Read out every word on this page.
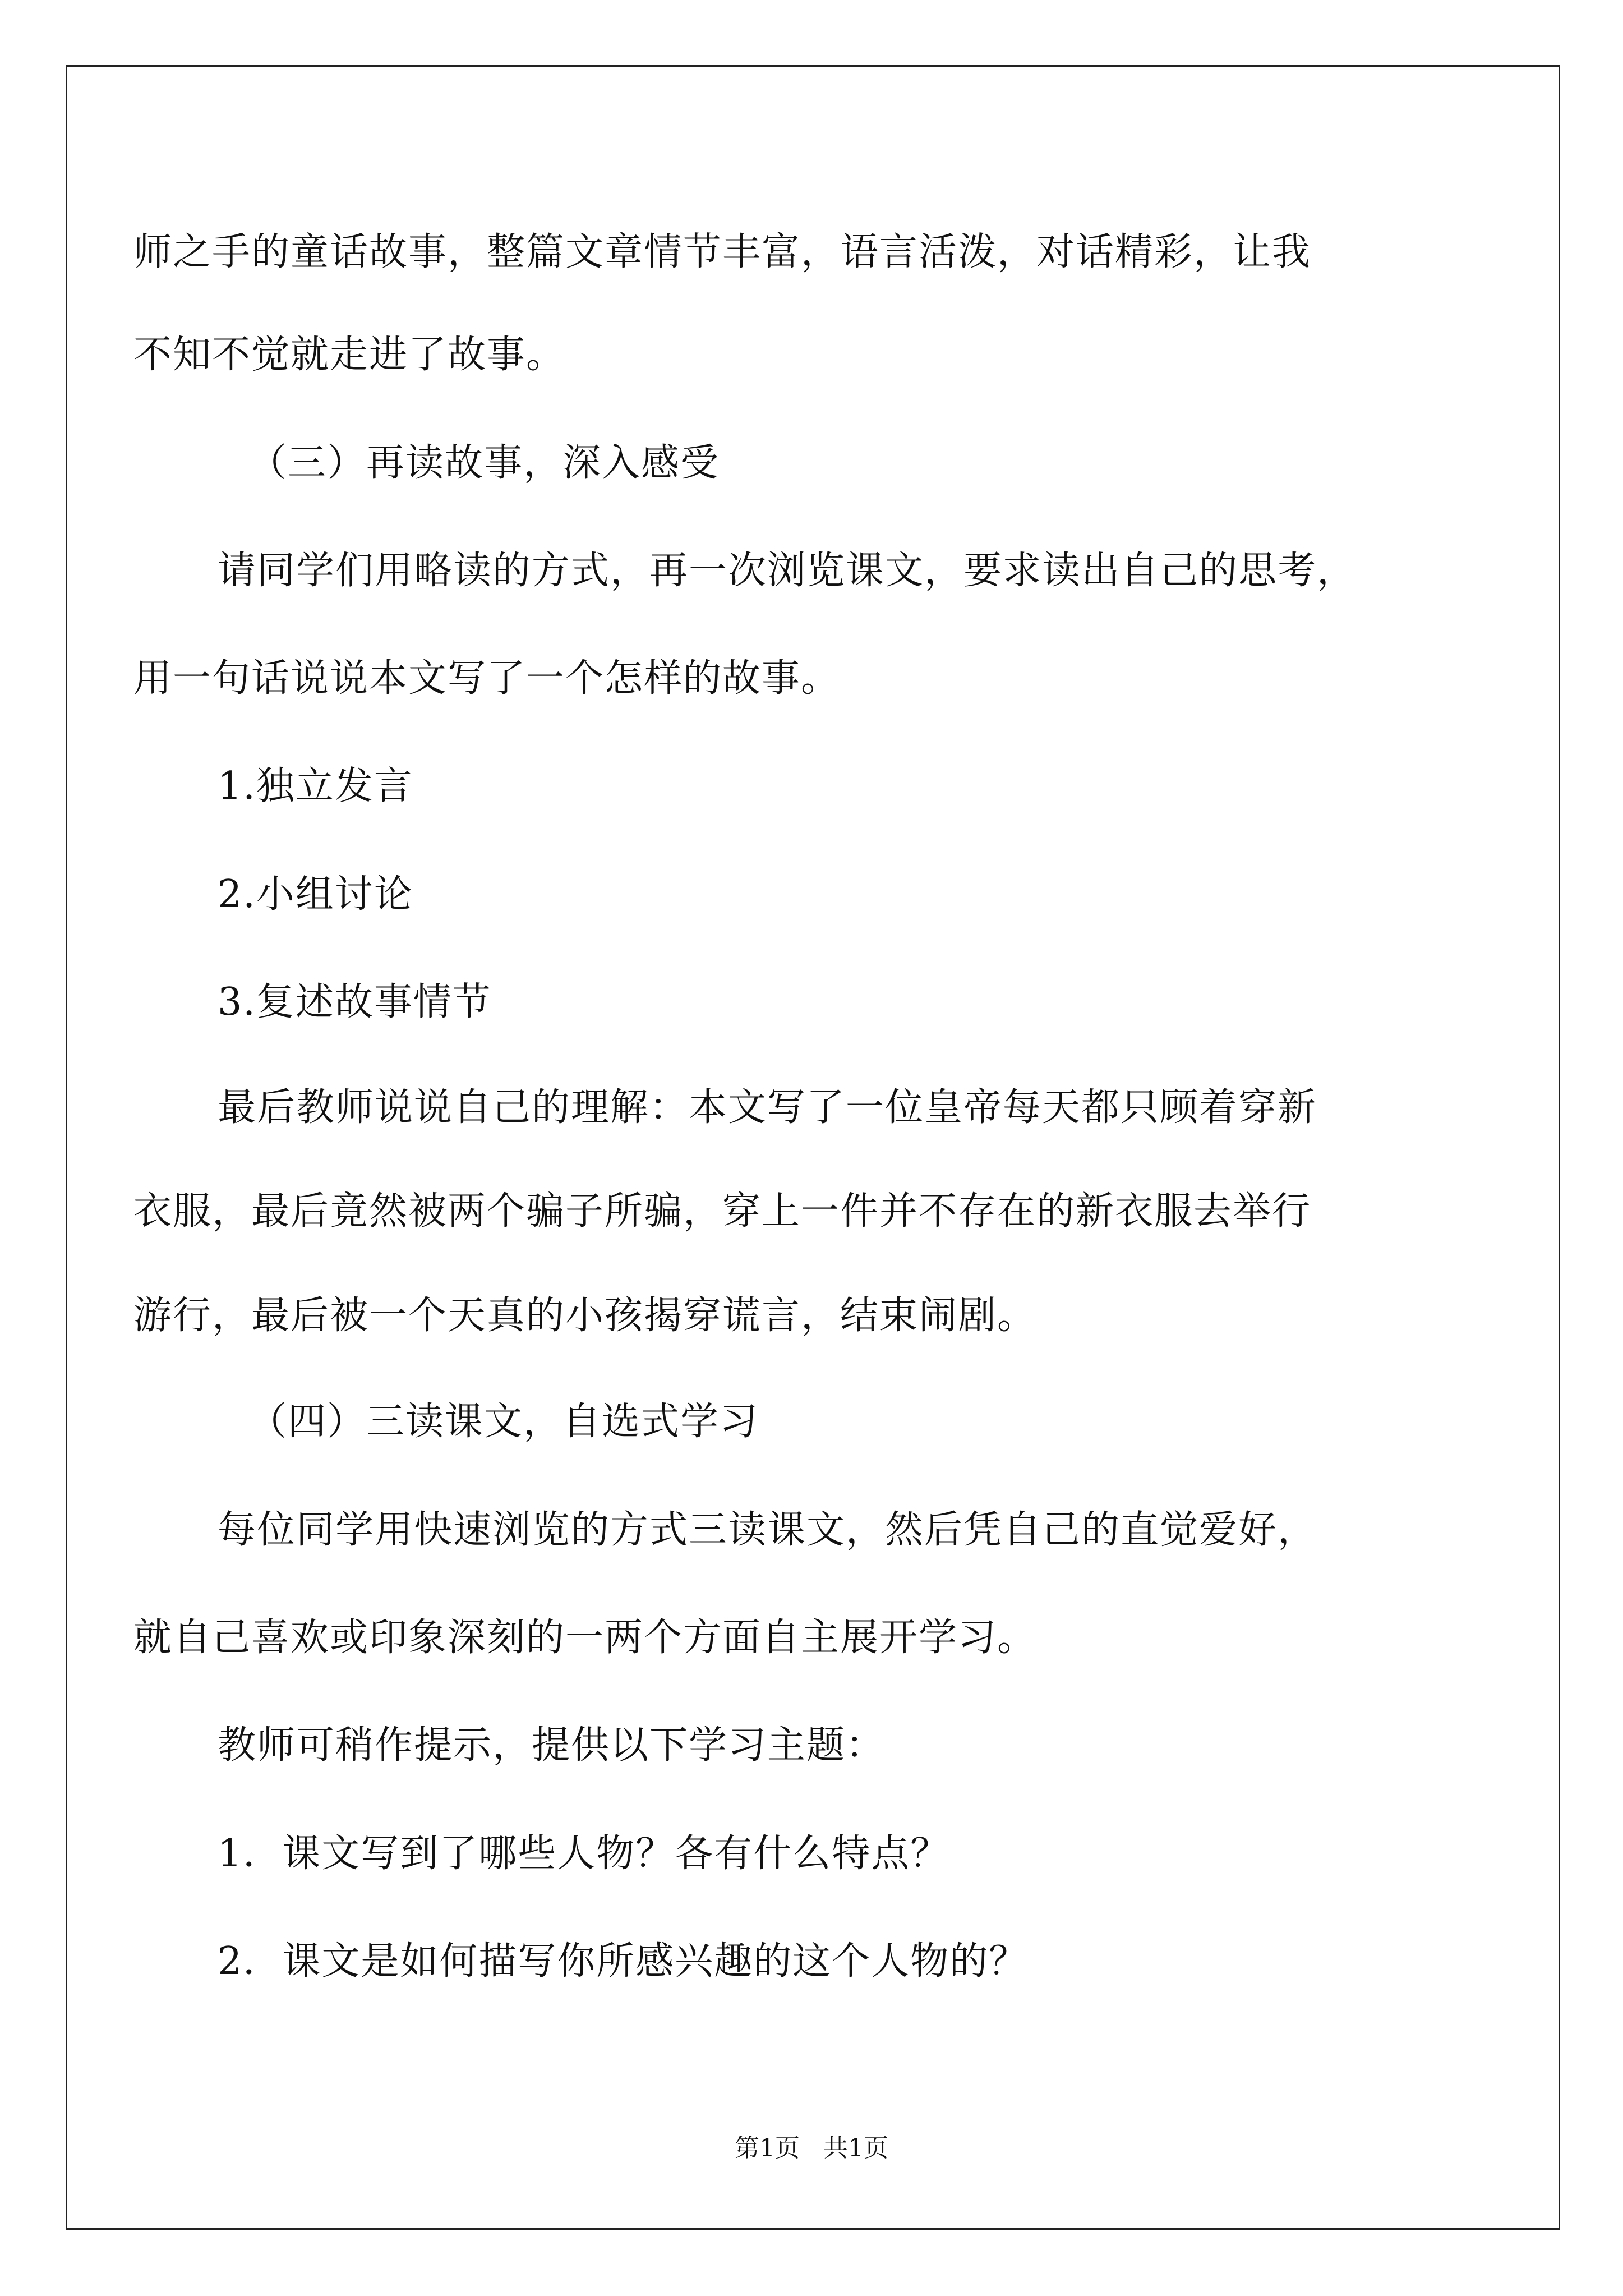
师之手的童话故事，整篇文章情节丰富，语言活泼，对话精彩，让我
不知不觉就走进了故事。
（三）再读故事，深入感受
请同学们用略读的方式，再一次浏览课文，要求读出自己的思考，
用一句话说说本文写了一个怎样的故事。
1.独立发言
2.小组讨论
3.复述故事情节
最后教师说说自己的理解：本文写了一位皇帝每天都只顾着穿新
衣服，最后竟然被两个骗子所骗，穿上一件并不存在的新衣服去举行
游行，最后被一个天真的小孩揭穿谎言，结束闹剧。
（四）三读课文，自选式学习
每位同学用快速浏览的方式三读课文，然后凭自己的直觉爱好，
就自己喜欢或印象深刻的一两个方面自主展开学习。
教师可稍作提示，提供以下学习主题：
1．课文写到了哪些人物？各有什么特点？
2．课文是如何描写你所感兴趣的这个人物的？
第1页 共1页
